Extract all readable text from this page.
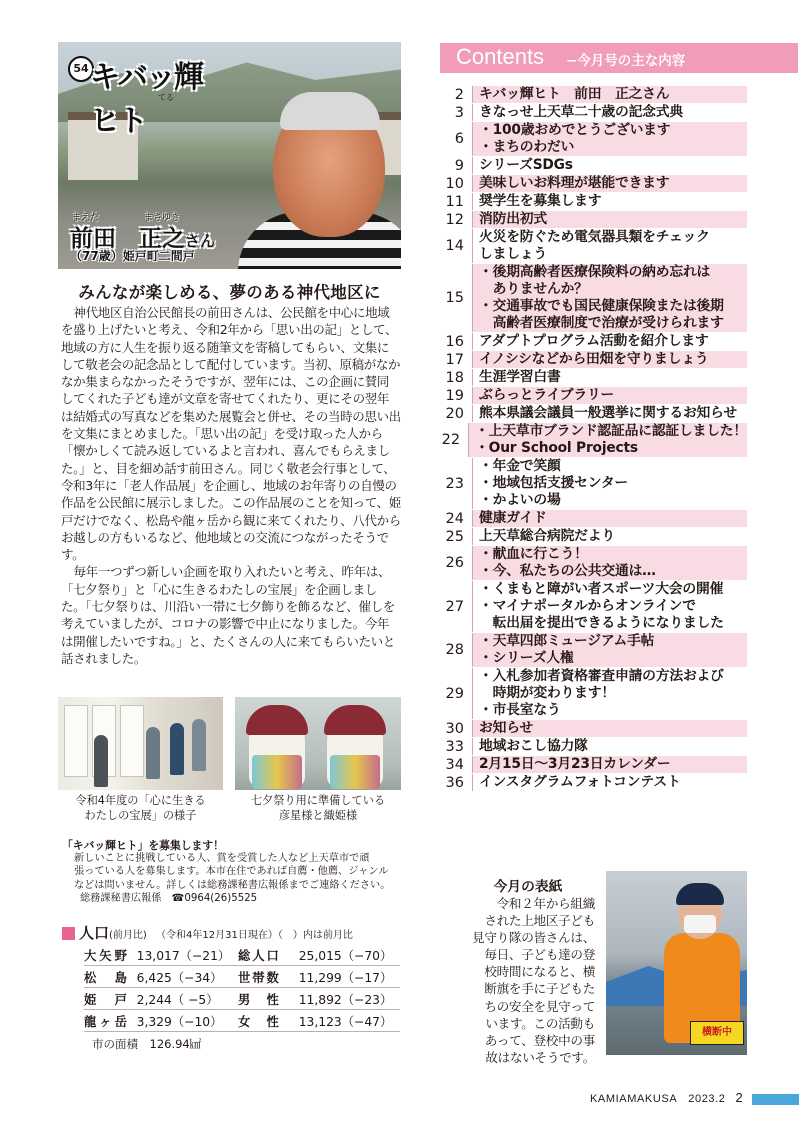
54 キバッ輝ヒト
てる
まえだ	まさゆき
前田　正之さん
（77歳）姫戸町二間戸
みんなが楽しめる、夢のある神代地区に

神代地区自治公民館長の前田さんは、公民館を中心に地域を盛り上げたいと考え、令和2年から「思い出の記」として、地域の方に人生を振り返る随筆文を寄稿してもらい、文集にして敬老会の記念品として配付しています。当初、原稿がなかなか集まらなかったそうですが、翌年には、この企画に賛同してくれた子ども達が文章を寄せてくれたり、更にその翌年は結婚式の写真などを集めた展覧会と併せ、その当時の思い出を文集にまとめました。「思い出の記」を受け取った人から「懐かしくて読み返しているよと言われ、喜んでもらえました。」と、目を細め話す前田さん。同じく敬老会行事として、令和3年に「老人作品展」を企画し、地域のお年寄りの自慢の作品を公民館に展示しました。この作品展のことを知って、姫戸だけでなく、松島や龍ヶ岳から観に来てくれたり、八代からお越しの方もいるなど、他地域との交流につながったそうです。

毎年一つずつ新しい企画を取り入れたいと考え、昨年は、「七夕祭り」と「心に生きるわたしの宝展」を企画しました。「七夕祭りは、川沿い一帯に七夕飾りを飾るなど、催しを考えていましたが、コロナの影響で中止になりました。今年は開催したいですね。」と、たくさんの人に来てもらいたいと話されました。

令和4年度の「心に生きる
わたしの宝展」の様子
七夕祭り用に準備している
彦星様と織姫様
「キバッ輝ヒト」を募集します！
新しいことに挑戦している人、賞を受賞した人など上天草市で頑
張っている人を募集します。本市在住であれば自薦・他薦、ジャンル
などは問いません。詳しくは総務課秘書広報係までご連絡ください。
総務課秘書広報係　☎0964(26)5525
人口(前月比) （令和4年12月31日現在）（　）内は前月比
大矢野	13,017（−21）	総人口	25,015（−70）
松　島	6,425（−34）	世帯数	11,299（−17）
姫　戸	2,244（ −5）	男　性	11,892（−23）
龍ヶ岳	3,329（−10）	女　性	13,123（−47）
市の面積　126.94㎢
Contents −今月号の主な内容
2	キバッ輝ヒト　前田　正之さん
3	きなっせ上天草二十歳の記念式典
6
・100歳おめでとうございます
・まちのわだい
9	シリーズSDGs
10	美味しいお料理が堪能できます
11	奨学生を募集します
12	消防出初式
14
火災を防ぐため電気器具類をチェック
しましょう
15
・後期高齢者医療保険料の納め忘れは
　ありませんか？
・交通事故でも国民健康保険または後期
　高齢者医療制度で治療が受けられます
16	アダプトプログラム活動を紹介します
17	イノシシなどから田畑を守りましょう
18	生涯学習白書
19	ぶらっとライブラリー
20	熊本県議会議員一般選挙に関するお知らせ
22
・上天草市ブランド認証品に認証しました！
・Our School Projects
23
・年金で笑顔
・地域包括支援センター
・かよいの場
24	健康ガイド
25	上天草総合病院だより
26
・献血に行こう！
・今、私たちの公共交通は…
27
・くまもと障がい者スポーツ大会の開催
・マイナポータルからオンラインで
　転出届を提出できるようになりました
28
・天草四郎ミュージアム手帖
・シリーズ人権
29
・入札参加者資格審査申請の方法および
　時期が変わります！
・市長室なう
30	お知らせ
33	地域おこし協力隊
34	2月15日〜3月23日カレンダー
36	インスタグラムフォトコンテスト
今月の表紙
令和２年から組織
された上地区子ども
見守り隊の皆さんは、
毎日、子ども達の登
校時間になると、横
断旗を手に子どもた
ちの安全を見守って
います。この活動も
あって、登校中の事
故はないそうです。
横断中
KAMIAMAKUSA　2023.2 2
